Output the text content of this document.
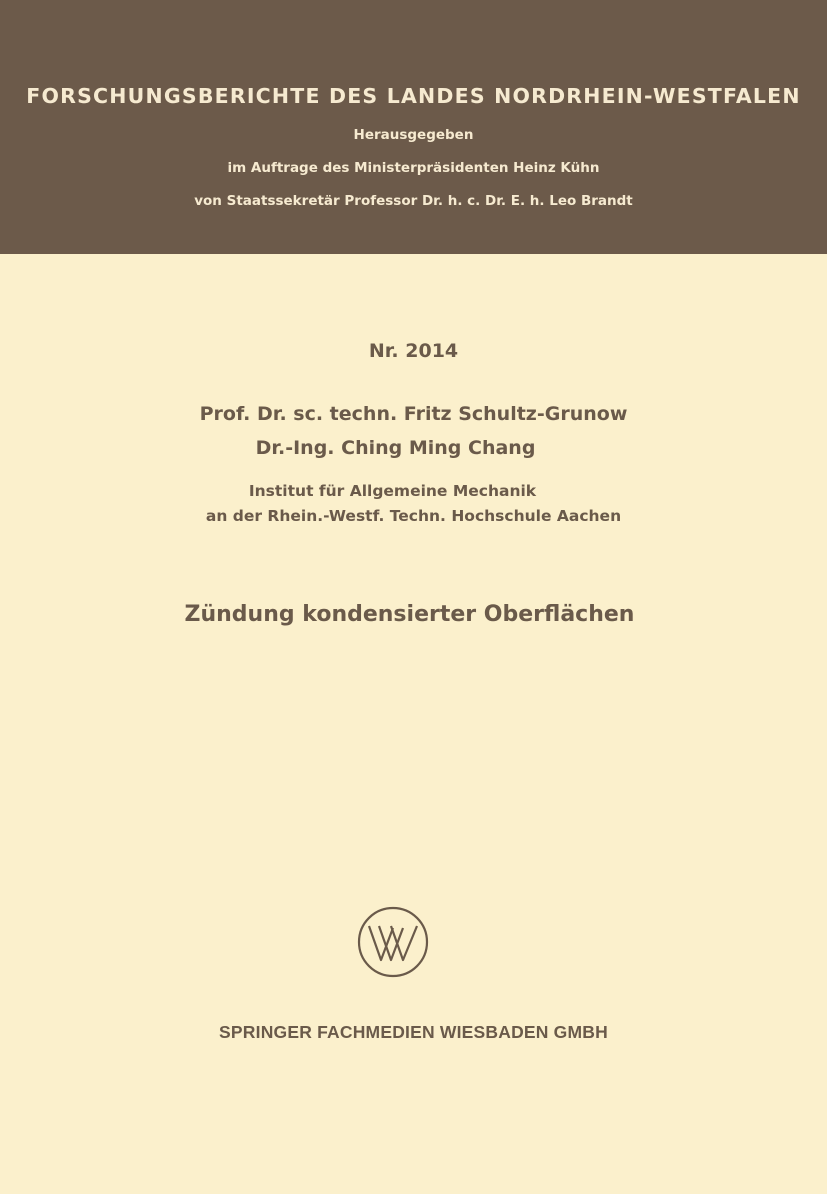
FORSCHUNGSBERICHTE DES LANDES NORDRHEIN-WESTFALEN
Herausgegeben
im Auftrage des Ministerpräsidenten Heinz Kühn
von Staatssekretär Professor Dr. h. c. Dr. E. h. Leo Brandt
Nr. 2014
Prof. Dr. sc. techn. Fritz Schultz-Grunow
Dr.-Ing. Ching Ming Chang
Institut für Allgemeine Mechanik
an der Rhein.-Westf. Techn. Hochschule Aachen
Zündung kondensierter Oberflächen
SPRINGER FACHMEDIEN WIESBADEN GMBH
